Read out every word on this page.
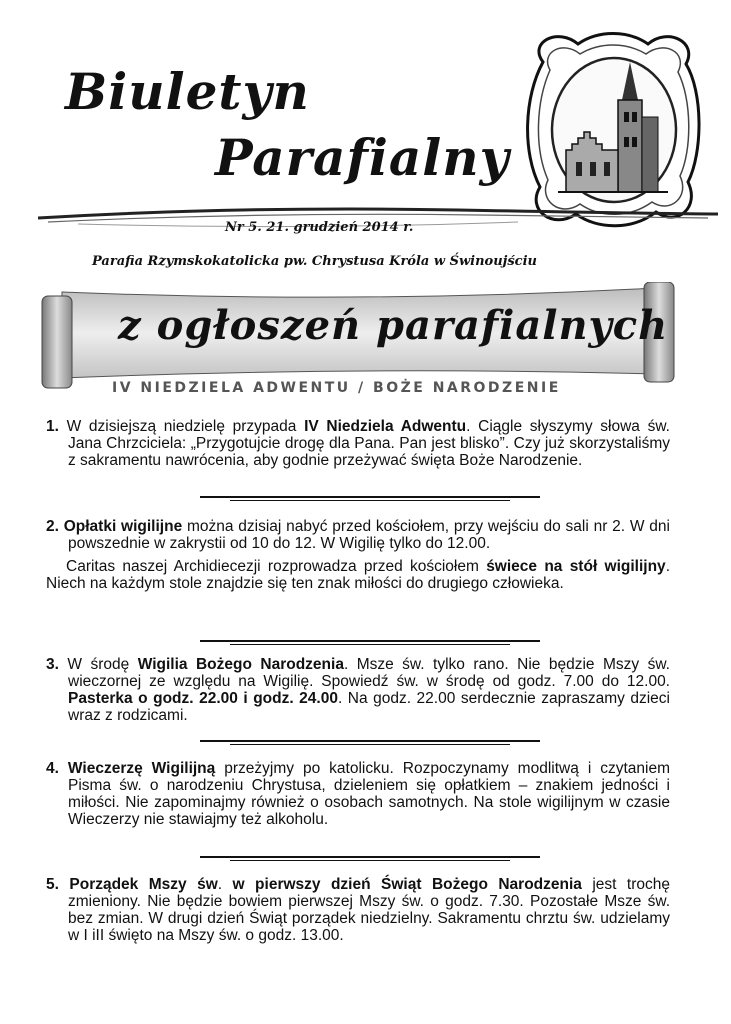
Biuletyn
Parafialny
Nr 5. 21. grudzień 2014 r.
Parafia Rzymskokatolicka pw. Chrystusa Króla w Świnoujściu
z ogłoszeń parafialnych
IV NIEDZIELA ADWENTU / BOŻE NARODZENIE

1. W dzisiejszą niedzielę przypada IV Niedziela Adwentu. Ciągle słyszymy słowa św. Jana Chrzciciela: „Przygotujcie drogę dla Pana. Pan jest blisko”. Czy już skorzystaliśmy z sakramentu nawrócenia, aby godnie przeżywać święta Boże Narodzenie.

2. Opłatki wigilijne można dzisiaj nabyć przed kościołem, przy wejściu do sali nr 2. W dni powszednie w zakrystii od 10 do 12. W Wigilię tylko do 12.00.

Caritas naszej Archidiecezji rozprowadza przed kościołem świece na stół wigilijny. Niech na każdym stole znajdzie się ten znak miłości do drugiego człowieka.

3. W środę Wigilia Bożego Narodzenia. Msze św. tylko rano. Nie będzie Mszy św. wieczornej ze względu na Wigilię. Spowiedź św. w środę od godz. 7.00 do 12.00. Pasterka o godz. 22.00 i godz. 24.00. Na godz. 22.00 serdecznie zapraszamy dzieci wraz z rodzicami.

4. Wieczerzę Wigilijną przeżyjmy po katolicku. Rozpoczynamy modlitwą i czytaniem Pisma św. o narodzeniu Chrystusa, dzieleniem się opłatkiem – znakiem jedności i miłości. Nie zapominajmy również o osobach samotnych. Na stole wigilijnym w czasie Wieczerzy nie stawiajmy też alkoholu.

5. Porządek Mszy św. w pierwszy dzień Świąt Bożego Narodzenia jest trochę zmieniony. Nie będzie bowiem pierwszej Mszy św. o godz. 7.30. Pozostałe Msze św. bez zmian. W drugi dzień Świąt porządek niedzielny. Sakramentu chrztu św. udzielamy w I iII święto na Mszy św. o godz. 13.00.
